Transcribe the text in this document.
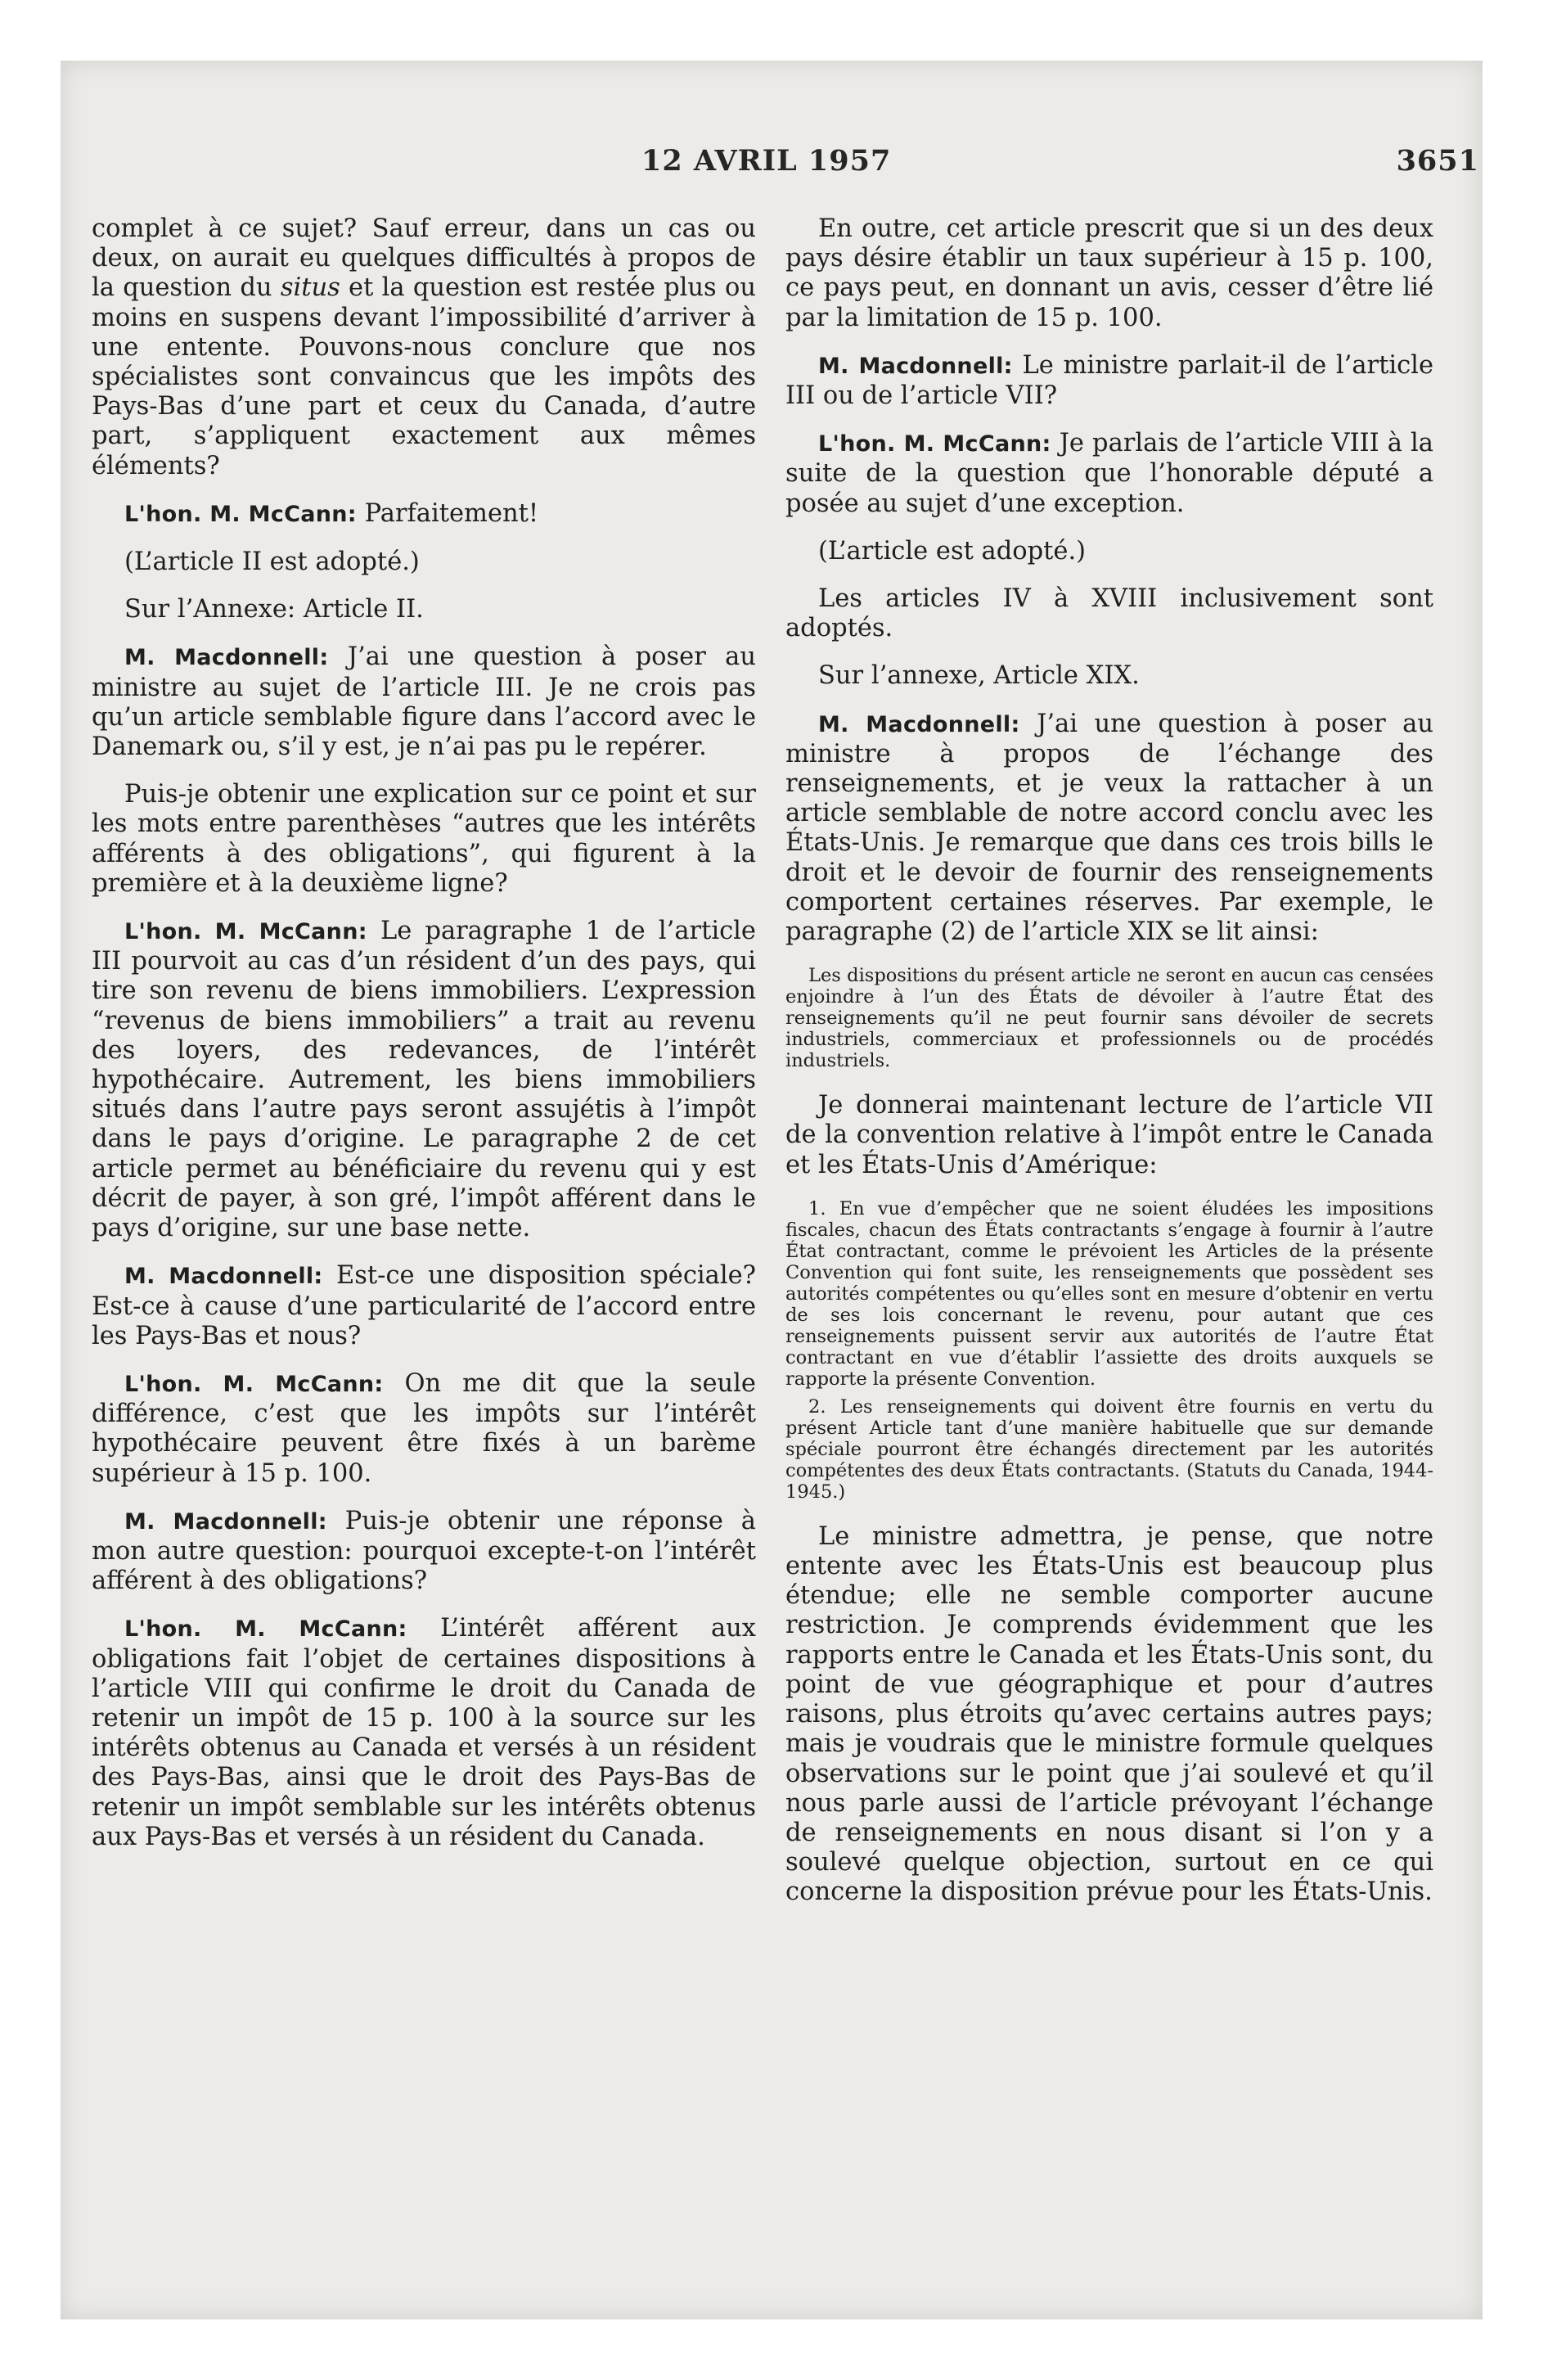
12 AVRIL 1957	3651

complet à ce sujet? Sauf erreur, dans un cas ou deux, on aurait eu quelques difficultés à propos de la question du situs et la question est restée plus ou moins en suspens devant l’impossibilité d’arriver à une entente. Pouvons-nous conclure que nos spécialistes sont convaincus que les impôts des Pays-Bas d’une part et ceux du Canada, d’autre part, s’appliquent exactement aux mêmes éléments?

L'hon. M. McCann: Parfaitement!

(L’article II est adopté.)

Sur l’Annexe: Article II.

M. Macdonnell: J’ai une question à poser au ministre au sujet de l’article III. Je ne crois pas qu’un article semblable figure dans l’accord avec le Danemark ou, s’il y est, je n’ai pas pu le repérer.

Puis-je obtenir une explication sur ce point et sur les mots entre parenthèses “autres que les intérêts afférents à des obligations”, qui figurent à la première et à la deuxième ligne?

L'hon. M. McCann: Le paragraphe 1 de l’article III pourvoit au cas d’un résident d’un des pays, qui tire son revenu de biens immobiliers. L’expression “revenus de biens immobiliers” a trait au revenu des loyers, des redevances, de l’intérêt hypothécaire. Autrement, les biens immobiliers situés dans l’autre pays seront assujétis à l’impôt dans le pays d’origine. Le paragraphe 2 de cet article permet au bénéficiaire du revenu qui y est décrit de payer, à son gré, l’impôt afférent dans le pays d’origine, sur une base nette.

M. Macdonnell: Est-ce une disposition spéciale? Est-ce à cause d’une particularité de l’accord entre les Pays-Bas et nous?

L'hon. M. McCann: On me dit que la seule différence, c’est que les impôts sur l’intérêt hypothécaire peuvent être fixés à un barème supérieur à 15 p. 100.

M. Macdonnell: Puis-je obtenir une réponse à mon autre question: pourquoi excepte-t-on l’intérêt afférent à des obligations?

L'hon. M. McCann: L’intérêt afférent aux obligations fait l’objet de certaines dispositions à l’article VIII qui confirme le droit du Canada de retenir un impôt de 15 p. 100 à la source sur les intérêts obtenus au Canada et versés à un résident des Pays-Bas, ainsi que le droit des Pays-Bas de retenir un impôt semblable sur les intérêts obtenus aux Pays-Bas et versés à un résident du Canada.

En outre, cet article prescrit que si un des deux pays désire établir un taux supérieur à 15 p. 100, ce pays peut, en donnant un avis, cesser d’être lié par la limitation de 15 p. 100.

M. Macdonnell: Le ministre parlait-il de l’article III ou de l’article VII?

L'hon. M. McCann: Je parlais de l’article VIII à la suite de la question que l’honorable député a posée au sujet d’une exception.

(L’article est adopté.)

Les articles IV à XVIII inclusivement sont adoptés.

Sur l’annexe, Article XIX.

M. Macdonnell: J’ai une question à poser au ministre à propos de l’échange des renseignements, et je veux la rattacher à un article semblable de notre accord conclu avec les États-Unis. Je remarque que dans ces trois bills le droit et le devoir de fournir des renseignements comportent certaines réserves. Par exemple, le paragraphe (2) de l’article XIX se lit ainsi:

Les dispositions du présent article ne seront en aucun cas censées enjoindre à l’un des États de dévoiler à l’autre État des renseignements qu’il ne peut fournir sans dévoiler de secrets industriels, commerciaux et professionnels ou de procédés industriels.

Je donnerai maintenant lecture de l’article VII de la convention relative à l’impôt entre le Canada et les États-Unis d’Amérique:

1. En vue d’empêcher que ne soient éludées les impositions fiscales, chacun des États contractants s’engage à fournir à l’autre État contractant, comme le prévoient les Articles de la présente Convention qui font suite, les renseignements que possèdent ses autorités compétentes ou qu’elles sont en mesure d’obtenir en vertu de ses lois concernant le revenu, pour autant que ces renseignements puissent servir aux autorités de l’autre État contractant en vue d’établir l’assiette des droits auxquels se rapporte la présente Convention.

2. Les renseignements qui doivent être fournis en vertu du présent Article tant d’une manière habituelle que sur demande spéciale pourront être échangés directement par les autorités compétentes des deux États contractants. (Statuts du Canada, 1944-1945.)

Le ministre admettra, je pense, que notre entente avec les États-Unis est beaucoup plus étendue; elle ne semble comporter aucune restriction. Je comprends évidemment que les rapports entre le Canada et les États-Unis sont, du point de vue géographique et pour d’autres raisons, plus étroits qu’avec certains autres pays; mais je voudrais que le ministre formule quelques observations sur le point que j’ai soulevé et qu’il nous parle aussi de l’article prévoyant l’échange de renseignements en nous disant si l’on y a soulevé quelque objection, surtout en ce qui concerne la disposition prévue pour les États-Unis.
